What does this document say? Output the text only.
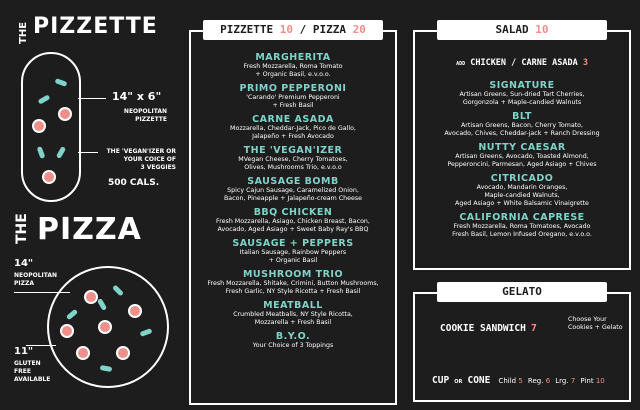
THE PIZZETTE
14" x 6"
NEOPOLITAN
PIZZETTE
THE 'VEGAN'IZER OR
YOUR COICE OF
3 VEGGIES
500 CALS.
THE PIZZA
14"
NEOPOLITAN
PIZZA
11"
GLUTEN
FREE
AVAILABLE
PIZZETTE 10 / PIZZA 20
MARGHERITA
Fresh Mozzarella, Roma Tomato
+ Organic Basil, e.v.o.o.
PRIMO PEPPERONI
'Carando' Premium Pepperoni
+ Fresh Basil
CARNE ASADA
Mozzarella, Cheddar-Jack, Pico de Gallo,
Jalapeño + Fresh Avocado
THE 'VEGAN'IZER
MVegan Cheese, Cherry Tomatoes,
Olives, Mushrooms Trio, e.v.o.o
SAUSAGE BOMB
Spicy Cajun Sausage, Caramelized Onion,
Bacon, Pineapple + Jalapeño-cream Cheese
BBQ CHICKEN
Fresh Mozzarella, Asiago, Chicken Breast, Bacon,
Avocado, Aged Asiago + Sweet Baby Ray's BBQ
SAUSAGE + PEPPERS
Italian Sausage, Rainbow Peppers
+ Organic Basil
MUSHROOM TRIO
Fresh Mozzarella, Shitake, Crimini, Button Mushrooms,
Fresh Garlic, NY Style Ricotta + Fresh Basil
MEATBALL
Crumbled Meatballs, NY Style Ricotta,
Mozzarella + Fresh Basil
B.Y.O.
Your Choice of 3 Toppings
SALAD 10
ADD CHICKEN / CARNE ASADA 3
SIGNATURE
Artisan Greens, Sun-dried Tart Cherries,
Gorgonzola + Maple-candied Walnuts
BLT
Artisan Greens, Bacon, Cherry Tomato,
Avocado, Chives, Cheddar-jack + Ranch Dressing
NUTTY CAESAR
Artisan Greens, Avocado, Toasted Almond,
Pepperoncini, Parmesan, Aged Asiago + Chives
CITRICADO
Avocado, Mandarin Oranges,
Maple-candied Walnuts,
Aged Asiago + White Balsamic Vinaigrette
CALIFORNIA CAPRESE
Fresh Mozzarella, Roma Tomatoes, Avocado
Fresh Basil, Lemon Infused Oregano, e.v.o.o.
GELATO
COOKIE SANDWICH 7
Choose Your
Cookies + Gelato
CUP OR CONE Child 5 Reg. 6 Lrg. 7 Pint 10
